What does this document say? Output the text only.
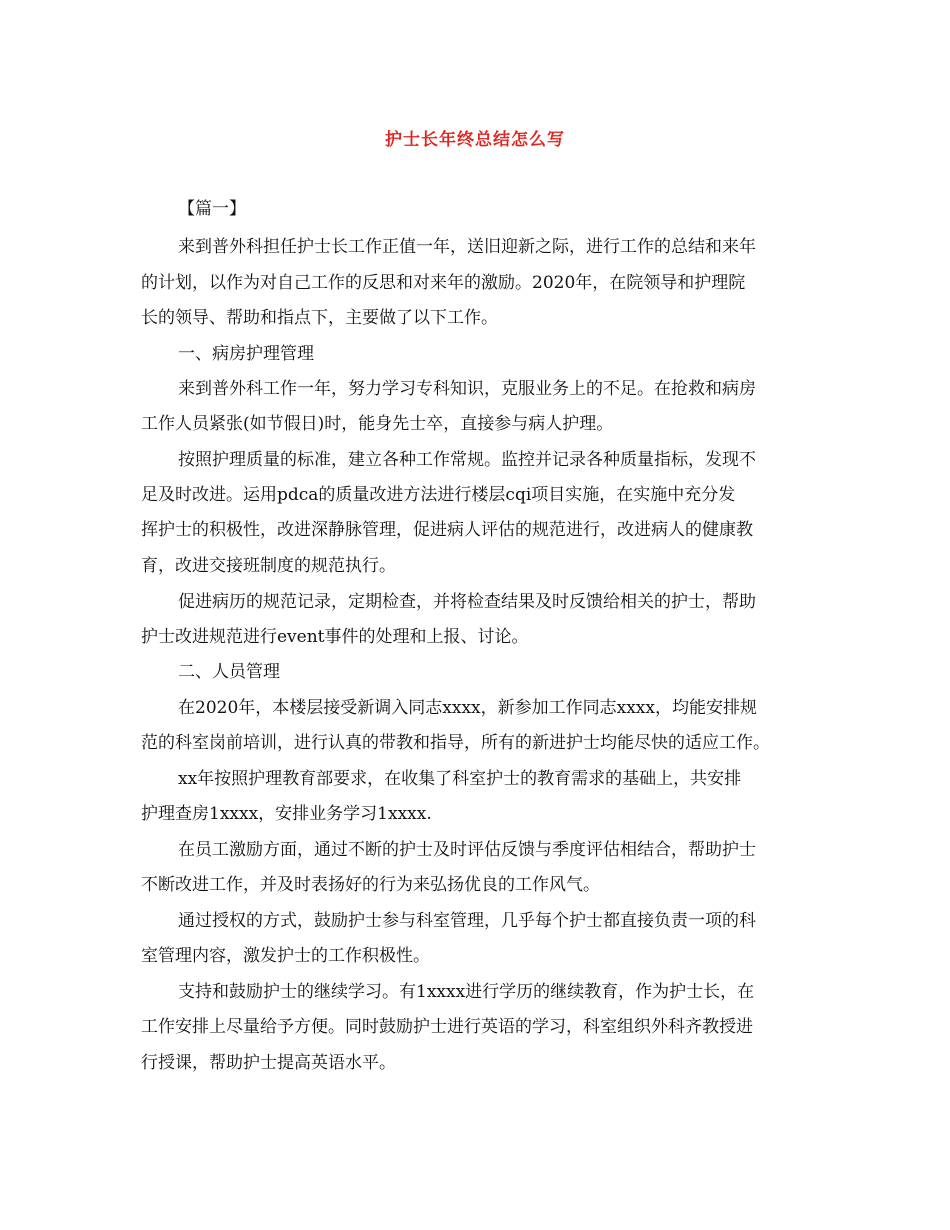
护士长年终总结怎么写
【篇一】
来到普外科担任护士长工作正值一年，送旧迎新之际，进行工作的总结和来年
的计划，以作为对自己工作的反思和对来年的激励。2020年，在院领导和护理院
长的领导、帮助和指点下，主要做了以下工作。
一、病房护理管理
来到普外科工作一年，努力学习专科知识，克服业务上的不足。在抢救和病房
工作人员紧张(如节假日)时，能身先士卒，直接参与病人护理。
按照护理质量的标准，建立各种工作常规。监控并记录各种质量指标，发现不
足及时改进。运用pdca的质量改进方法进行楼层cqi项目实施，在实施中充分发
挥护士的积极性，改进深静脉管理，促进病人评估的规范进行，改进病人的健康教
育，改进交接班制度的规范执行。
促进病历的规范记录，定期检查，并将检查结果及时反馈给相关的护士，帮助
护士改进规范进行event事件的处理和上报、讨论。
二、人员管理
在2020年，本楼层接受新调入同志xxxx，新参加工作同志xxxx，均能安排规
范的科室岗前培训，进行认真的带教和指导，所有的新进护士均能尽快的适应工作。
xx年按照护理教育部要求，在收集了科室护士的教育需求的基础上，共安排
护理查房1xxxx，安排业务学习1xxxx.
在员工激励方面，通过不断的护士及时评估反馈与季度评估相结合，帮助护士
不断改进工作，并及时表扬好的行为来弘扬优良的工作风气。
通过授权的方式，鼓励护士参与科室管理，几乎每个护士都直接负责一项的科
室管理内容，激发护士的工作积极性。
支持和鼓励护士的继续学习。有1xxxx进行学历的继续教育，作为护士长，在
工作安排上尽量给予方便。同时鼓励护士进行英语的学习，科室组织外科齐教授进
行授课，帮助护士提高英语水平。
